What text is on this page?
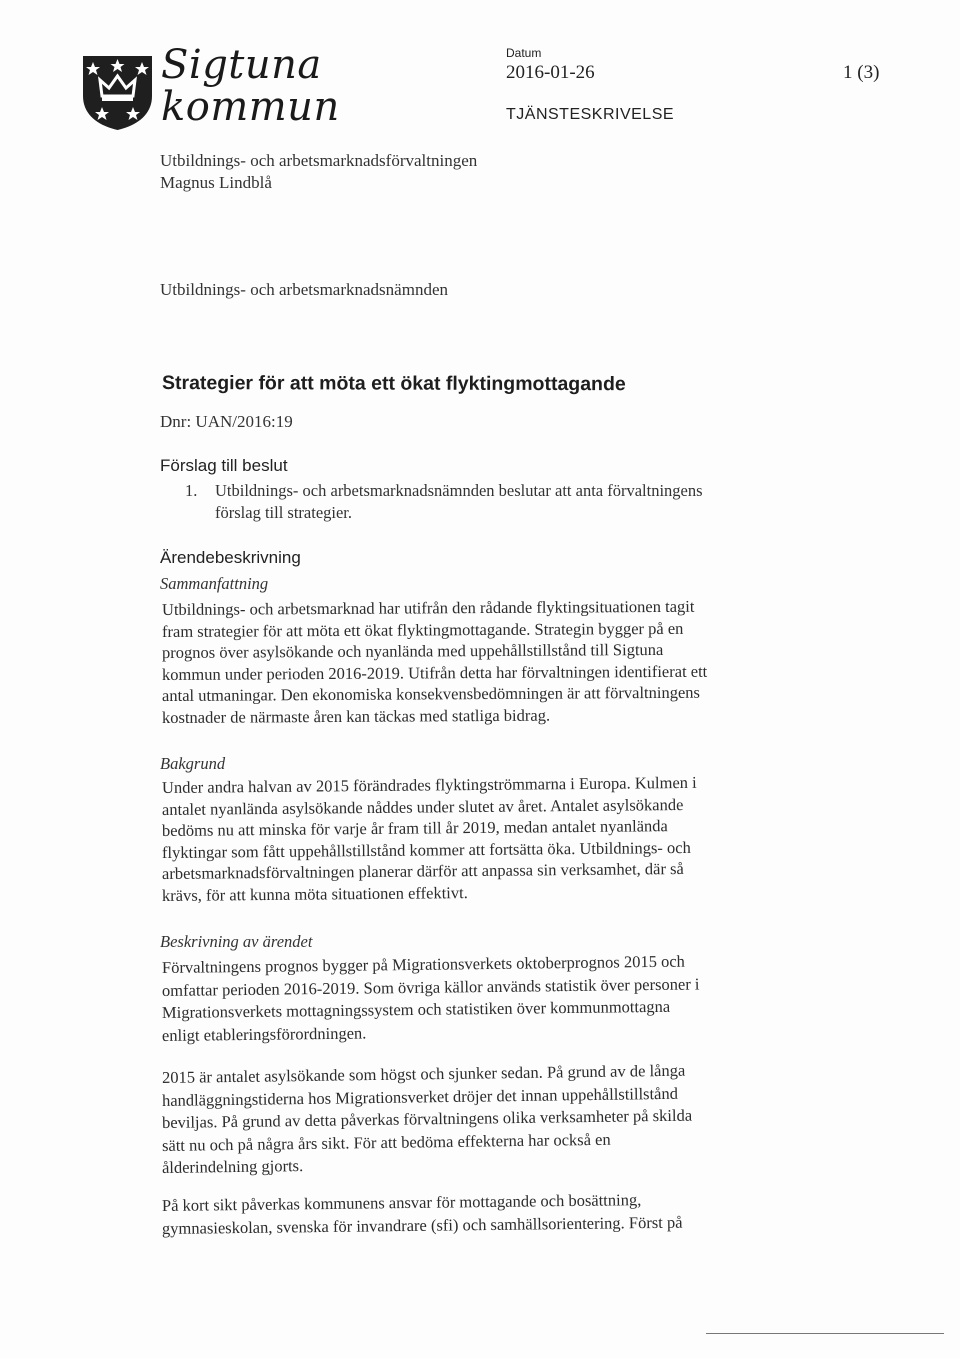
Sigtuna
kommun
Datum
2016-01-26	1 (3)
TJÄNSTESKRIVELSE
Utbildnings- och arbetsmarknadsförvaltningen
Magnus Lindblå
Utbildnings- och arbetsmarknadsnämnden
Strategier för att möta ett ökat flyktingmottagande
Dnr: UAN/2016:19
Förslag till beslut
1.	Utbildnings- och arbetsmarknadsnämnden beslutar att anta förvaltningens
förslag till strategier.
Ärendebeskrivning
Sammanfattning
Utbildnings- och arbetsmarknad har utifrån den rådande flyktingsituationen tagit
fram strategier för att möta ett ökat flyktingmottagande. Strategin bygger på en
prognos över asylsökande och nyanlända med uppehållstillstånd till Sigtuna
kommun under perioden 2016-2019. Utifrån detta har förvaltningen identifierat ett
antal utmaningar. Den ekonomiska konsekvensbedömningen är att förvaltningens
kostnader de närmaste åren kan täckas med statliga bidrag.
Bakgrund
Under andra halvan av 2015 förändrades flyktingströmmarna i Europa. Kulmen i
antalet nyanlända asylsökande nåddes under slutet av året. Antalet asylsökande
bedöms nu att minska för varje år fram till år 2019, medan antalet nyanlända
flyktingar som fått uppehållstillstånd kommer att fortsätta öka. Utbildnings- och
arbetsmarknadsförvaltningen planerar därför att anpassa sin verksamhet, där så
krävs, för att kunna möta situationen effektivt.
Beskrivning av ärendet
Förvaltningens prognos bygger på Migrationsverkets oktoberprognos 2015 och
omfattar perioden 2016-2019. Som övriga källor används statistik över personer i
Migrationsverkets mottagningssystem och statistiken över kommunmottagna
enligt etableringsförordningen.
2015 är antalet asylsökande som högst och sjunker sedan. På grund av de långa
handläggningstiderna hos Migrationsverket dröjer det innan uppehållstillstånd
beviljas. På grund av detta påverkas förvaltningens olika verksamheter på skilda
sätt nu och på några års sikt. För att bedöma effekterna har också en
ålderindelning gjorts.
På kort sikt påverkas kommunens ansvar för mottagande och bosättning,
gymnasieskolan, svenska för invandrare (sfi) och samhällsorientering. Först på
